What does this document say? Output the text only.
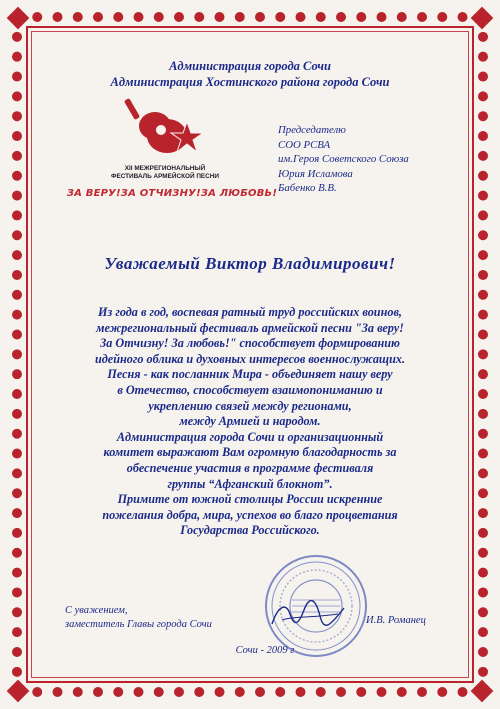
Администрация города Сочи
Администрация Хостинского района города Сочи
XII МЕЖРЕГИОНАЛЬНЫЙ
ФЕСТИВАЛЬ АРМЕЙСКОЙ ПЕСНИ
ЗА ВЕРУ!ЗА ОТЧИЗНУ!ЗА ЛЮБОВЬ!
Председателю
СОО РСВА
им.Героя Советского Союза
Юрия Исламова
Бабенко В.В.
Уважаемый Виктор Владимирович!

Из года в год, воспевая ратный труд российских воинов,

межрегиональный фестиваль армейской песни "За веру!

За Отчизну! За любовь!" способствует формированию

идейного облика и духовных интересов военнослужащих.

Песня - как посланник Мира - объединяет нашу веру

в Отечество, способствует взаимопониманию и

укреплению связей между регионами,

между Армией и народом.

Администрация города Сочи и организационный

комитет выражают Вам огромную благодарность за

обеспечение участия в программе фестиваля

группы “Афганский блокнот”.

Примите от южной столицы России искренние

пожелания добра, мира, успехов во благо процветания

Государства Российского.

С уважением,
заместитель Главы города Сочи	И.В. Романец
Сочи - 2009 г
